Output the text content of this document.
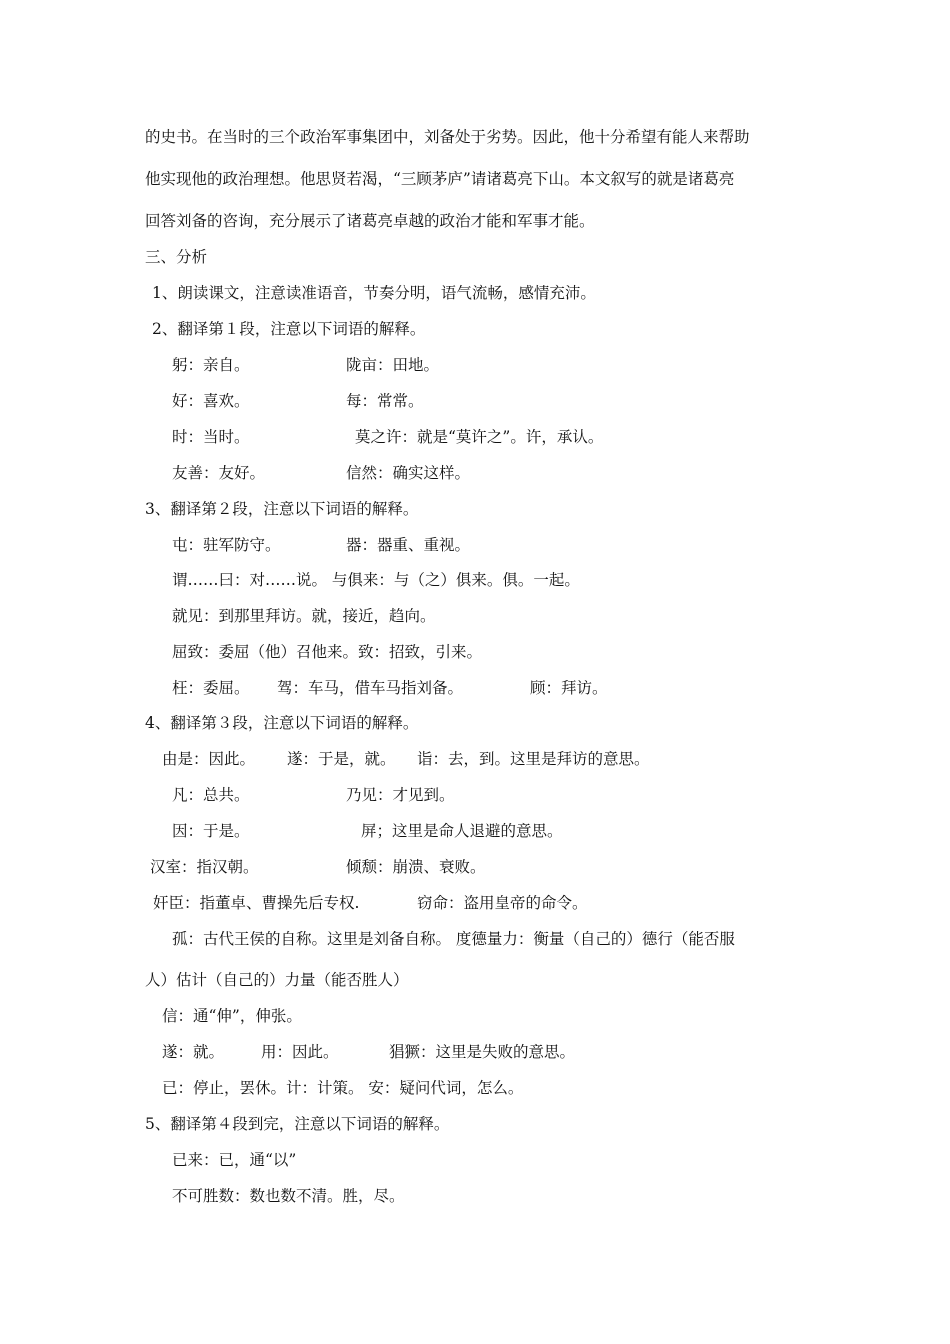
的史书。在当时的三个政治军事集团中，刘备处于劣势。因此，他十分希望有能人来帮助
他实现他的政治理想。他思贤若渴，“三顾茅庐”请诸葛亮下山。本文叙写的就是诸葛亮
回答刘备的咨询，充分展示了诸葛亮卓越的政治才能和军事才能。
三、分析
1、朗读课文，注意读准语音，节奏分明，语气流畅，感情充沛。
2、翻译第１段，注意以下词语的解释。
躬：亲自。	陇亩：田地。
好：喜欢。	每：常常。
时：当时。	莫之许：就是“莫许之”。许，承认。
友善：友好。	信然：确实这样。
3、翻译第２段，注意以下词语的解释。
屯：驻军防守。	器：器重、重视。
谓……曰：对……说。 与俱来：与（之）俱来。俱。一起。
就见：到那里拜访。就，接近，趋向。
屈致：委屈（他）召他来。致：招致，引来。
枉：委屈。 驾：车马，借车马指刘备。	顾：拜访。
4、翻译第３段，注意以下词语的解释。
由是：因此。 遂：于是，就。 诣：去，到。这里是拜访的意思。
凡：总共。	乃见：才见到。
因：于是。	屏；这里是命人退避的意思。
汉室：指汉朝。	倾颓：崩溃、衰败。
奸臣：指董卓、曹操先后专权.	窃命：盗用皇帝的命令。
孤：古代王侯的自称。这里是刘备自称。 度德量力：衡量（自己的）德行（能否服
人）估计（自己的）力量（能否胜人）
信：通“伸”，伸张。
遂：就。 用：因此。	猖獗：这里是失败的意思。
已：停止，罢休。计：计策。 安：疑问代词，怎么。
5、翻译第４段到完，注意以下词语的解释。
已来：已，通“以”
不可胜数：数也数不清。胜，尽。
